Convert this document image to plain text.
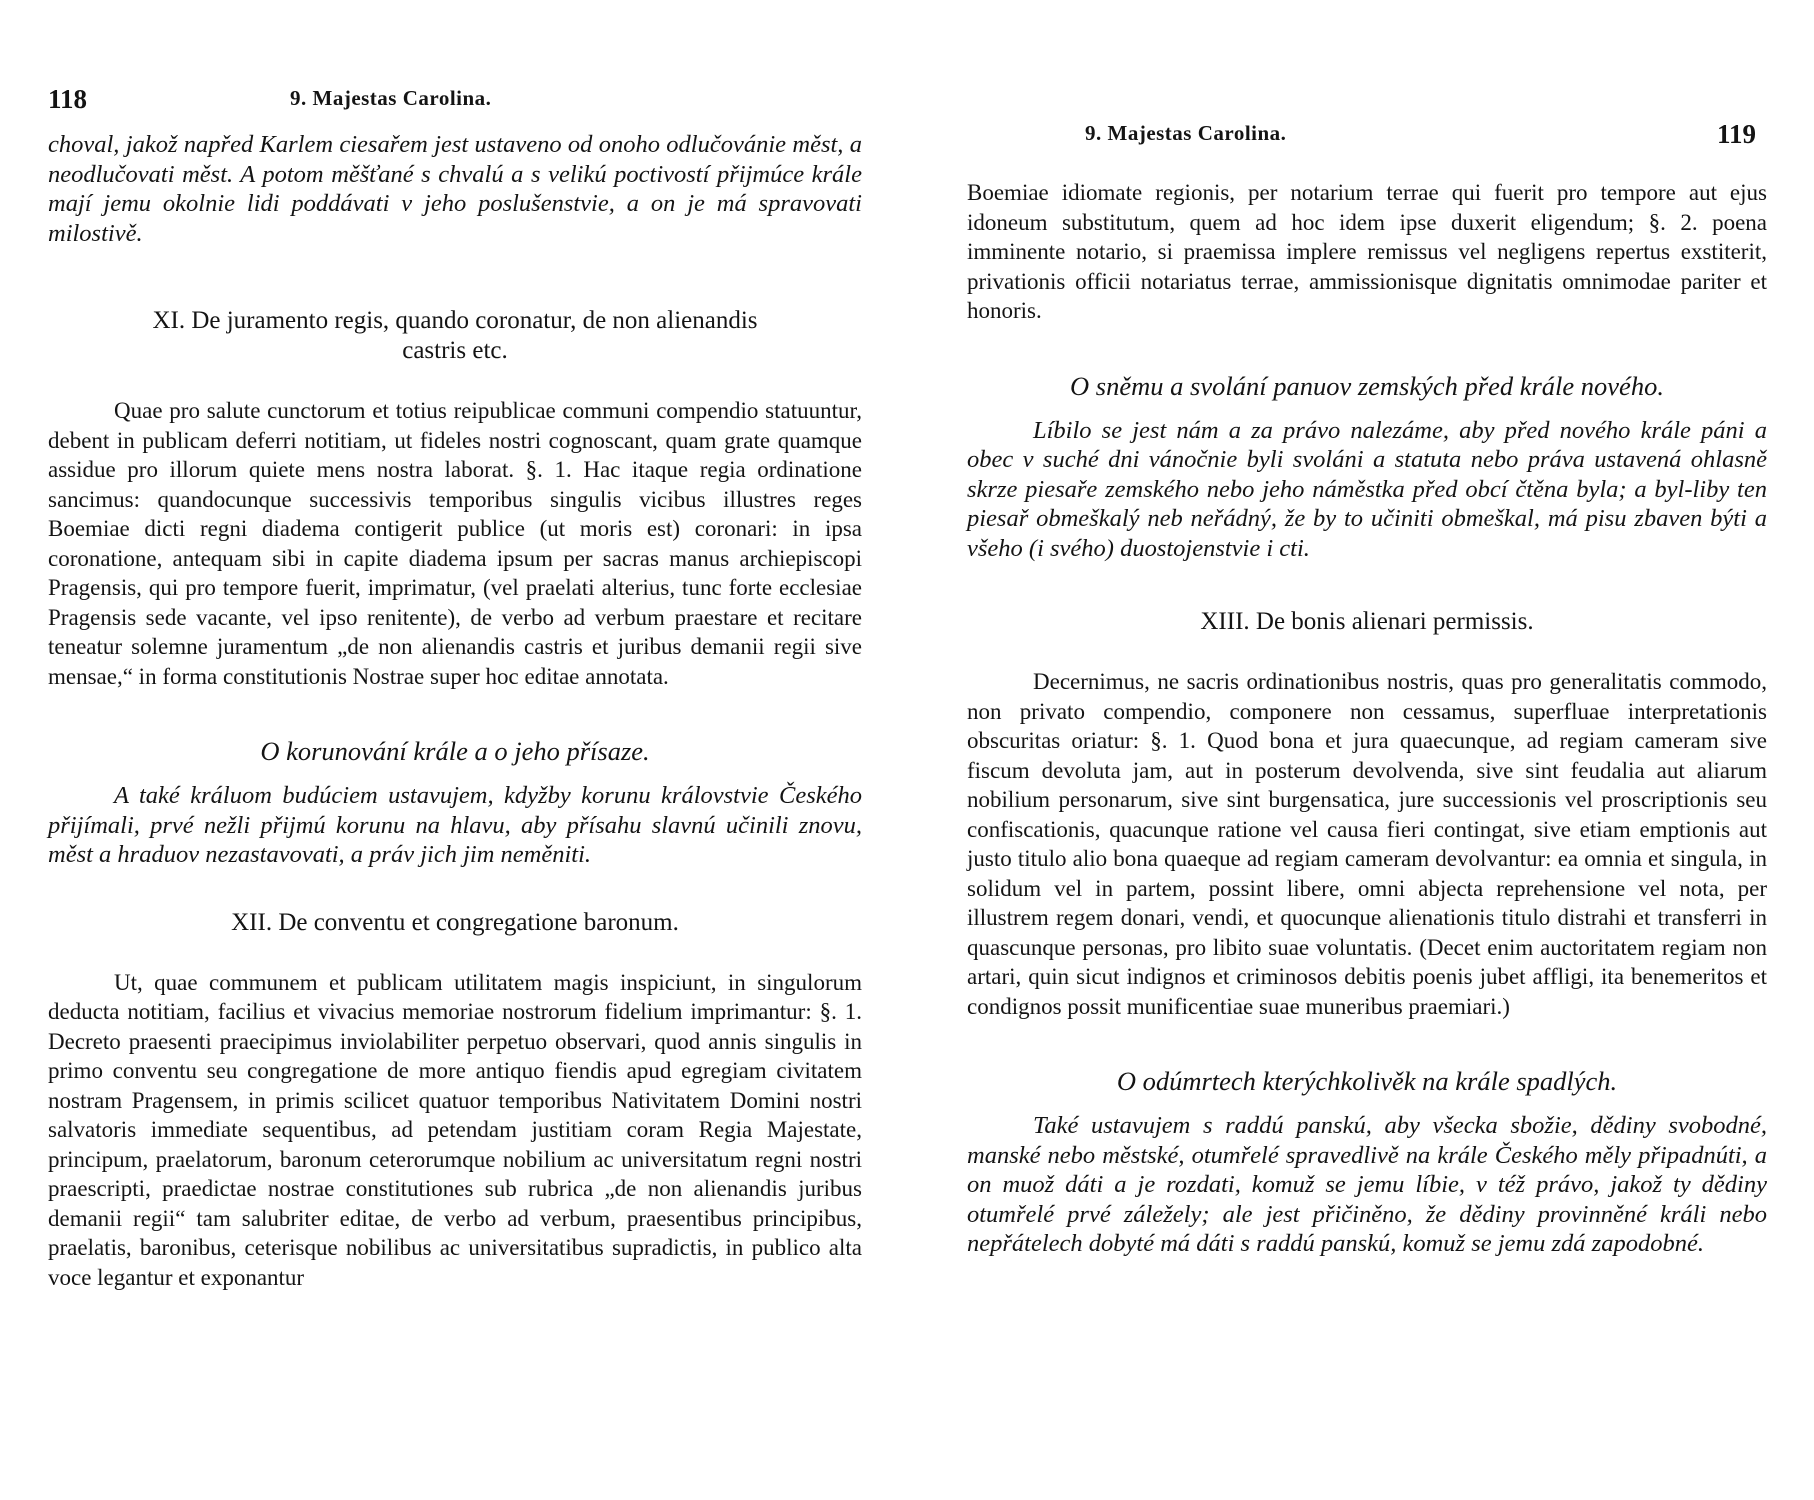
118	9. Majestas Carolina.

choval, jakož napřed Karlem ciesařem jest ustaveno od onoho odlučovánie měst, a neodlučovati měst. A potom měšťané s chvalú a s velikú poctivostí přijmúce krále mají jemu okolnie lidi poddávati v jeho poslušenstvie, a on je má spravovati milostivě.

XI. De juramento regis, quando coronatur, de non alienandis castris etc.

Quae pro salute cunctorum et totius reipublicae communi compendio statuuntur, debent in publicam deferri notitiam, ut fideles nostri cognoscant, quam grate quamque assidue pro illorum quiete mens nostra laborat. §. 1. Hac itaque regia ordinatione sancimus: quandocunque successivis temporibus singulis vicibus illustres reges Boemiae dicti regni diadema contigerit publice (ut moris est) coronari: in ipsa coronatione, antequam sibi in capite diadema ipsum per sacras manus archiepiscopi Pragensis, qui pro tempore fuerit, imprimatur, (vel praelati alterius, tunc forte ecclesiae Pragensis sede vacante, vel ipso renitente), de verbo ad verbum praestare et recitare teneatur solemne juramentum „de non alienandis castris et juribus demanii regii sive mensae,“ in forma constitutionis Nostrae super hoc editae annotata.

O korunování krále a o jeho přísaze.

A také králuom budúciem ustavujem, kdyžby korunu královstvie Českého přijímali, prvé nežli přijmú korunu na hlavu, aby přísahu slavnú učinili znovu, měst a hraduov nezastavovati, a práv jich jim neměniti.

XII. De conventu et congregatione baronum.

Ut, quae communem et publicam utilitatem magis inspiciunt, in singulorum deducta notitiam, facilius et vivacius memoriae nostrorum fidelium imprimantur: §. 1. Decreto praesenti praecipimus inviolabiliter perpetuo observari, quod annis singulis in primo conventu seu congregatione de more antiquo fiendis apud egregiam civitatem nostram Pragensem, in primis scilicet quatuor temporibus Nativitatem Domini nostri salvatoris immediate sequentibus, ad petendam justitiam coram Regia Majestate, principum, praelatorum, baronum ceterorumque nobilium ac universitatum regni nostri praescripti, praedictae nostrae constitutiones sub rubrica „de non alienandis juribus demanii regii“ tam salubriter editae, de verbo ad verbum, praesentibus principibus, praelatis, baronibus, ceterisque nobilibus ac universitatibus supradictis, in publico alta voce legantur et exponantur

9. Majestas Carolina.	119

Boemiae idiomate regionis, per notarium terrae qui fuerit pro tempore aut ejus idoneum substitutum, quem ad hoc idem ipse duxerit eligendum; §. 2. poena imminente notario, si praemissa implere remissus vel negligens repertus exstiterit, privationis officii notariatus terrae, ammissionisque dignitatis omnimodae pariter et honoris.

O sněmu a svolání panuov zemských před krále nového.

Líbilo se jest nám a za právo nalezáme, aby před nového krále páni a obec v suché dni vánočnie byli svoláni a statuta nebo práva ustavená ohlasně skrze piesaře zemského nebo jeho náměstka před obcí čtěna byla; a byl-liby ten piesař obmeškalý neb neřádný, že by to učiniti obmeškal, má pisu zbaven býti a všeho (i svého) duostojenstvie i cti.

XIII. De bonis alienari permissis.

Decernimus, ne sacris ordinationibus nostris, quas pro generalitatis commodo, non privato compendio, componere non cessamus, superfluae interpretationis obscuritas oriatur: §. 1. Quod bona et jura quaecunque, ad regiam cameram sive fiscum devoluta jam, aut in posterum devolvenda, sive sint feudalia aut aliarum nobilium personarum, sive sint burgensatica, jure successionis vel proscriptionis seu confiscationis, quacunque ratione vel causa fieri contingat, sive etiam emptionis aut justo titulo alio bona quaeque ad regiam cameram devolvantur: ea omnia et singula, in solidum vel in partem, possint libere, omni abjecta reprehensione vel nota, per illustrem regem donari, vendi, et quocunque alienationis titulo distrahi et transferri in quascunque personas, pro libito suae voluntatis. (Decet enim auctoritatem regiam non artari, quin sicut indignos et criminosos debitis poenis jubet affligi, ita benemeritos et condignos possit munificentiae suae muneribus praemiari.)

O odúmrtech kterýchkolivěk na krále spadlých.

Také ustavujem s raddú panskú, aby všecka sbožie, dědiny svobodné, manské nebo městské, otumřelé spravedlivě na krále Českého měly připadnúti, a on muož dáti a je rozdati, komuž se jemu líbie, v též právo, jakož ty dědiny otumřelé prvé záležely; ale jest přičiněno, že dědiny provinněné králi nebo nepřátelech dobyté má dáti s raddú panskú, komuž se jemu zdá zapodobné.
